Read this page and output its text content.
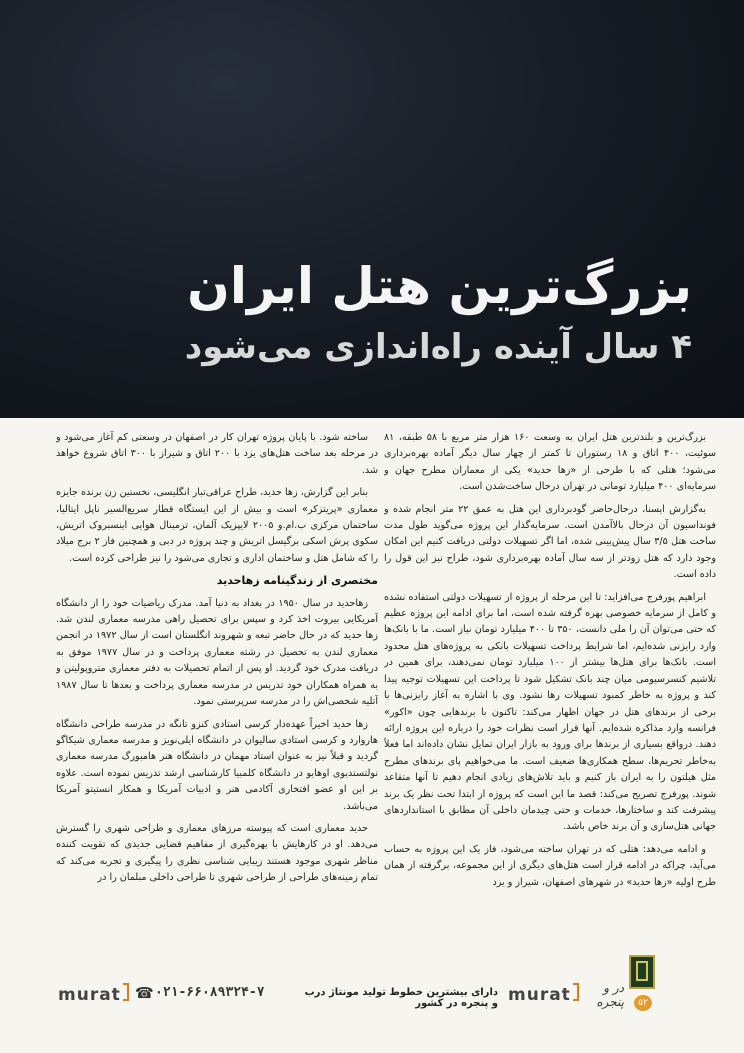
بزرگ‌ترین هتل ایران
۴ سال آینده راه‌اندازی می‌شود

بزرگ‌ترین و بلندترین هتل ایران به وسعت ۱۶۰ هزار متر مربع با ۵۸ طبقه، ۸۱ سوئیت، ۴۰۰ اتاق و ۱۸ رستوران تا کمتر از چهار سال دیگر آماده بهره‌برداری می‌شود؛ هتلی که با طرحی از «زها حدید» یکی از معماران مطرح جهان و سرمایه‌ای ۴۰۰ میلیارد تومانی در تهران درحال ساخت‌شدن است.

به‌گزارش ایسنا، درحال‌حاضر گودبرداری این هتل به عمق ۲۲ متر انجام شده و فونداسیون آن درحال بالاآمدن است. سرمایه‌گذار این پروژه می‌گوید طول مدت ساخت هتل ۳/۵ سال پیش‌بینی شده، اما اگر تسهیلات دولتی دریافت کنیم این امکان وجود دارد که هتل زودتر از سه سال آماده بهره‌برداری شود، طراح نیز این قول را داده است.

ابراهیم پورفرج می‌افزاید: تا این مرحله از پروژه از تسهیلات دولتی استفاده نشده و کامل از سرمایه خصوصی بهره گرفته شده است، اما برای ادامه این پروژه عظیم که حتی می‌توان آن را ملی دانست، ۳۵۰ تا ۴۰۰ میلیارد تومان نیاز است. ما با بانک‌ها وارد رایزنی شده‌ایم، اما شرایط پرداخت تسهیلات بانکی به پروژه‌های هتل محدود است. بانک‌ها برای هتل‌ها بیشتر از ۱۰۰ میلیارد تومان نمی‌دهند، برای همین در تلاشیم کنسرسیومی میان چند بانک تشکیل شود تا پرداخت این تسهیلات توجیه پیدا کند و پروژه به خاطر کمبود تسهیلات رها نشود. وی با اشاره به آغاز رایزنی‌ها با برخی از برندهای هتل در جهان اظهار می‌کند: تاکنون با برندهایی چون «اکور» فرانسه وارد مذاکره شده‌ایم. آنها قرار است نظرات خود را درباره این پروژه ارائه دهند. درواقع بسیاری از برندها برای ورود به بازار ایران تمایل نشان داده‌اند اما فعلاً به‌خاطر تحریم‌ها، سطح همکاری‌ها ضعیف است. ما می‌خواهیم پای برندهای مطرح مثل هیلتون را به ایران باز کنیم و باید تلاش‌های زیادی انجام دهیم تا آنها متقاعد شوند. پورفرج تصریح می‌کند: قصد ما این است که پروژه از ابتدا تحت نظر یک برند پیشرفت کند و ساختارها، خدمات و حتی چیدمان داخلی آن مطابق با استانداردهای جهانی هتل‌سازی و آن برند خاص باشد.

و ادامه می‌دهد: هتلی که در تهران ساخته می‌شود، فاز یک این پروژه به حساب می‌آید، چراکه در ادامه قرار است هتل‌های دیگری از این مجموعه، برگرفته از همان طرح اولیه «زها حدید» در شهرهای اصفهان، شیراز و یزد

ساخته شود. با پایان پروژه تهران کار در اصفهان در وسعتی کم آغاز می‌شود و در مرحله بعد ساخت هتل‌های یزد با ۲۰۰ اتاق و شیراز با ۳۰۰ اتاق شروع خواهد شد.

بنابر این گزارش، زها حدید، طراح عراقی‌تبار انگلیسی، نخستین زن برنده جایزه معماری «پریتزکر» است و بیش از این ایستگاه قطار سریع‌السیر ناپل ایتالیا، ساختمان مرکزی ب.ام.و ۲۰۰۵ لایپزیک آلمان، ترمینال هوایی اینسبروک اتریش، سکوی پرش اسکی برگیسل اتریش و چند پروژه در دبی و همچنین فاز ۲ برج میلاد را که شامل هتل و ساختمان اداری و تجاری می‌شود را نیز طراحی کرده است.

مختصری از زندگینامه زها‌حدید

زها‌حدید در سال ۱۹۵۰ در بغداد به دنیا آمد. مدرک ریاضیات خود را از دانشگاه آمریکایی بیروت اخذ کرد و سپس برای تحصیل راهی مدرسه معماری لندن شد. زها حدید که در حال حاضر تبعه و شهروند انگلستان است از سال ۱۹۷۲ در انجمن معماری لندن به تحصیل در رشته معماری پرداخت و در سال ۱۹۷۷ موفق به دریافت مدرک خود گردید. او پس از اتمام تحصیلات به دفتر معماری مترو‌پولیتن و به همراه همکاران خود تدریس در مدرسه معماری پرداخت و بعدها تا سال ۱۹۸۷ آتلیه شخصی‌اش را در مدرسه سرپرستی نمود.

زها حدید اخیراً عهده‌دار کرسی استادی کنزو تانگه در مدرسه طراحی دانشگاه هاروارد و کرسی استادی سالیوان در دانشگاه ایلی‌نویز و مدرسه معماری شیکاگو گردید و قبلاً نیز به عنوان استاد مهمان در دانشگاه هنر هامبورگ مدرسه معماری نولتستدیوی اوهایو در دانشگاه کلمبیا کارشناسی ارشد تدریس نموده است. علاوه بر این او عضو افتخاری آکادمی هنر و ادبیات آمریکا و همکار انستیتو آمریکا می‌باشد.

حدید معماری است که پیوسته مرزهای معماری و طراحی شهری را گسترش می‌دهد. او در کارهایش با بهره‌گیری از مفاهیم فضایی جدیدی که تقویت کننده مناظر شهری موجود هستند زیبایی شناسی نظری را پیگیری و تجربه می‌کند که تمام زمینه‌های طراحی از طراحی شهری تا طراحی داخلی مبلمان را در

murat ☎ ۰۲۱-۶۶۰۸۹۳۲۴-۷	دارای بیشترین خطوط تولید مونتاژ درب و پنجره در کشور murat	در و پنجره	۵۲
